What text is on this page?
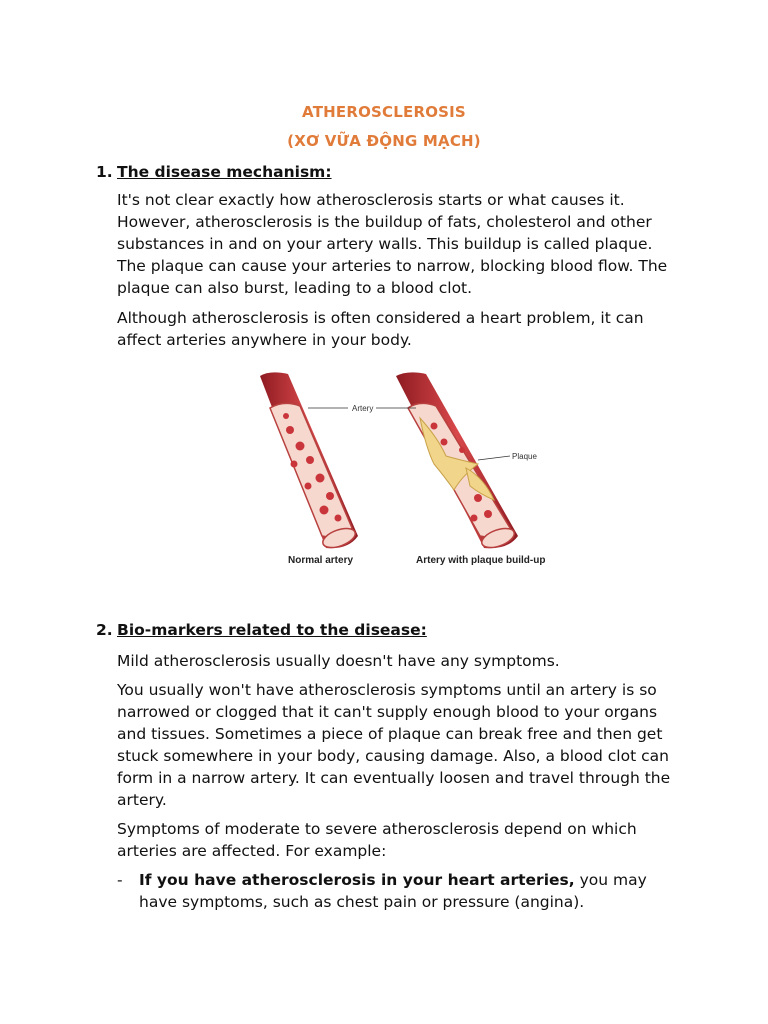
ATHEROSCLEROSIS
(XƠ VỮA ĐỘNG MẠCH)
1. The disease mechanism:

It's not clear exactly how atherosclerosis starts or what causes it. However, atherosclerosis is the buildup of fats, cholesterol and other substances in and on your artery walls. This buildup is called plaque. The plaque can cause your arteries to narrow, blocking blood flow. The plaque can also burst, leading to a blood clot.

Although atherosclerosis is often considered a heart problem, it can affect arteries anywhere in your body.

Artery
Plaque
Normal artery	Artery with plaque build-up
2. Bio-markers related to the disease:

Mild atherosclerosis usually doesn't have any symptoms.

You usually won't have atherosclerosis symptoms until an artery is so narrowed or clogged that it can't supply enough blood to your organs and tissues. Sometimes a piece of plaque can break free and then get stuck somewhere in your body, causing damage. Also, a blood clot can form in a narrow artery. It can eventually loosen and travel through the artery.

Symptoms of moderate to severe atherosclerosis depend on which arteries are affected. For example:

- If you have atherosclerosis in your heart arteries, you may have symptoms, such as chest pain or pressure (angina).
